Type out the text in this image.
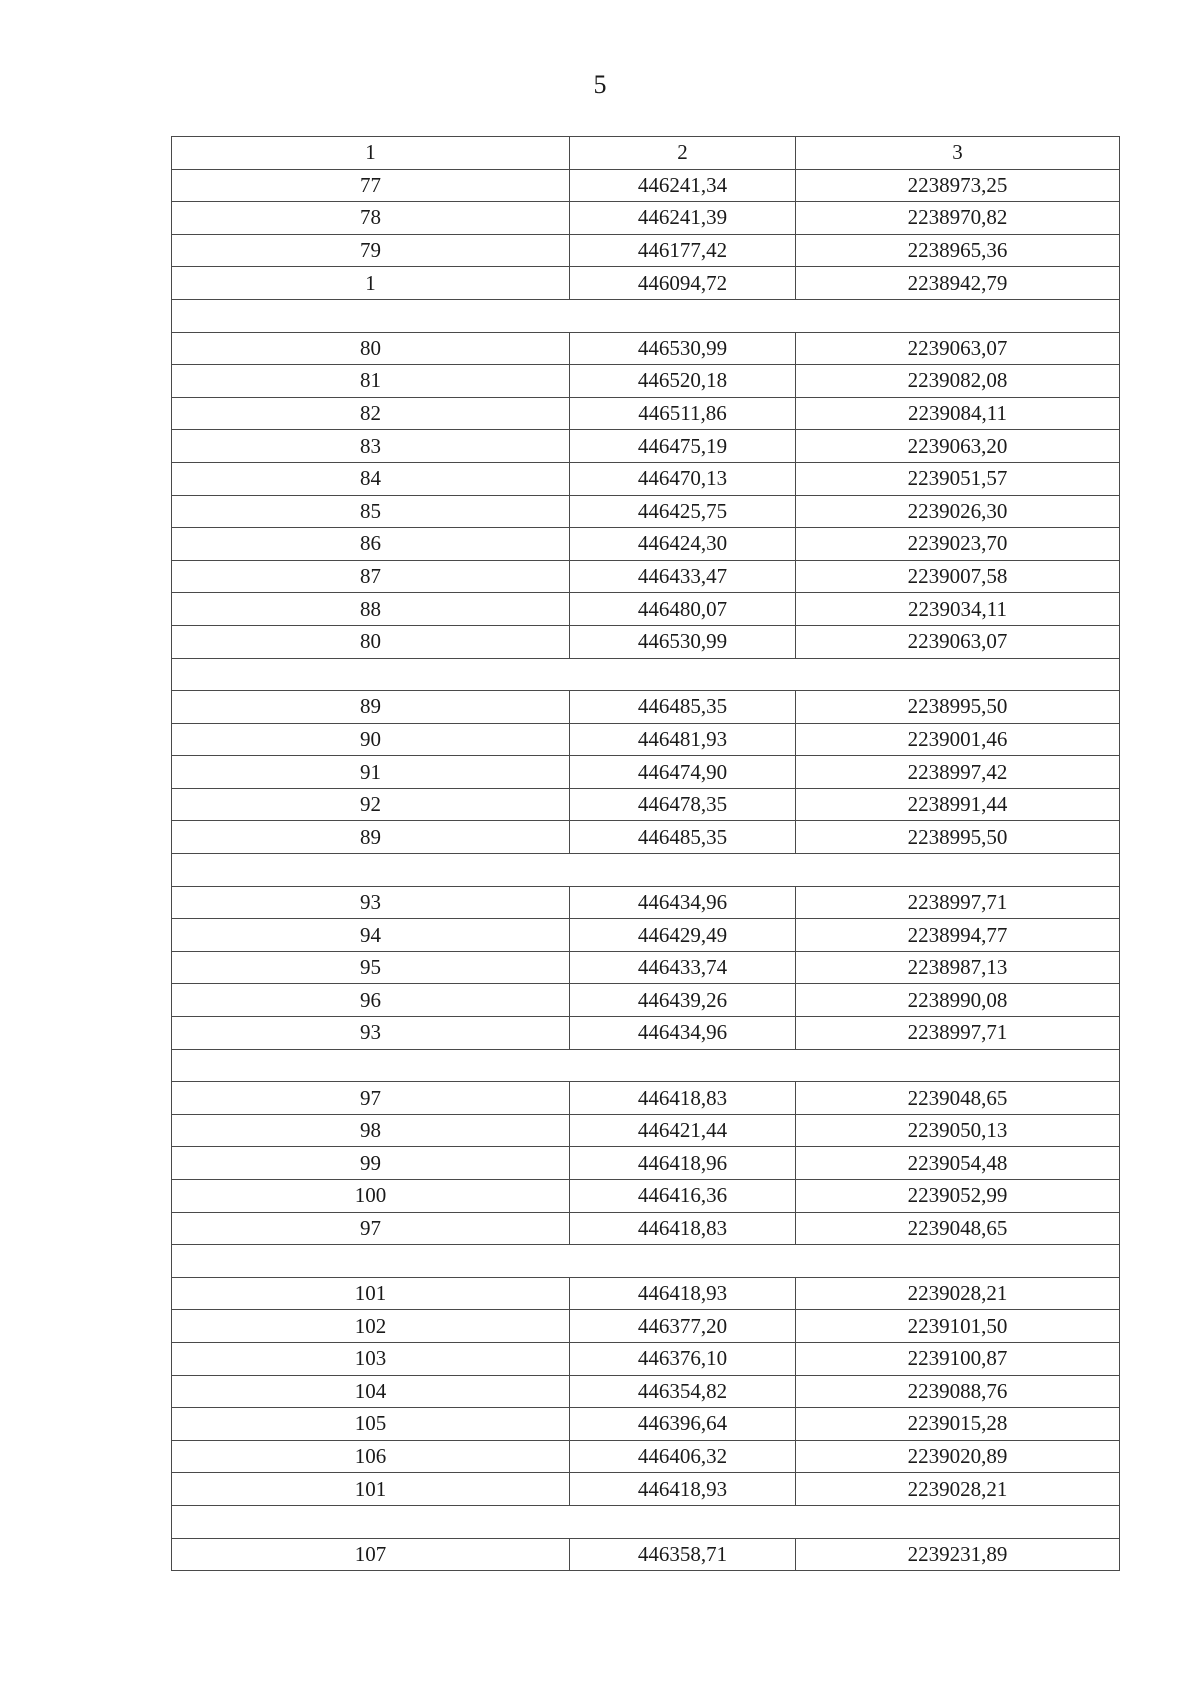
5
1	2	3
77	446241,34	2238973,25
78	446241,39	2238970,82
79	446177,42	2238965,36
1	446094,72	2238942,79

80	446530,99	2239063,07
81	446520,18	2239082,08
82	446511,86	2239084,11
83	446475,19	2239063,20
84	446470,13	2239051,57
85	446425,75	2239026,30
86	446424,30	2239023,70
87	446433,47	2239007,58
88	446480,07	2239034,11
80	446530,99	2239063,07

89	446485,35	2238995,50
90	446481,93	2239001,46
91	446474,90	2238997,42
92	446478,35	2238991,44
89	446485,35	2238995,50

93	446434,96	2238997,71
94	446429,49	2238994,77
95	446433,74	2238987,13
96	446439,26	2238990,08
93	446434,96	2238997,71

97	446418,83	2239048,65
98	446421,44	2239050,13
99	446418,96	2239054,48
100	446416,36	2239052,99
97	446418,83	2239048,65

101	446418,93	2239028,21
102	446377,20	2239101,50
103	446376,10	2239100,87
104	446354,82	2239088,76
105	446396,64	2239015,28
106	446406,32	2239020,89
101	446418,93	2239028,21

107	446358,71	2239231,89
